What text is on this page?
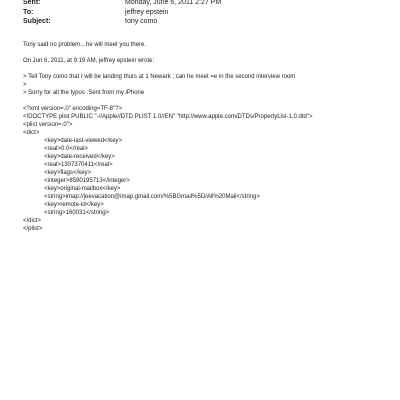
Sent:	Monday, June 6, 2011 2:27 PM
To:	jeffrey epstein
Subject:	tony como
Tony said no problem…he will meet you there.
On Jun 6, 2011, at 9:19 AM, jeffrey epstein wrote:
> Tell Tony como that I will be landing thurs at 1 Newark , can he meet =e in the second interview room
>
> Sorry for all the typos .Sent from my iPhone
<?xml version=.0" encoding=TF-8"?>
<!DOCTYPE plist PUBLIC "-//Apple//DTD PLIST 1.0//EN" "http://www.apple.com/DTDs/PropertyList-1.0.dtd">
<plist version=.0">
<dict>
<key>date-last-viewed</key>
<real>0.0</real>
<key>date-received</key>
<real>1307370411</real>
<key>flags</key>
<integer>8590195713</integer>
<key>original-mailbox</key>
<string>imap://jeevacation@imap.gmail.com/%5BGmail%5D/All%20Mail</string>
<key>remote-id</key>
<string>160031</string>
</dict>
</plist>
